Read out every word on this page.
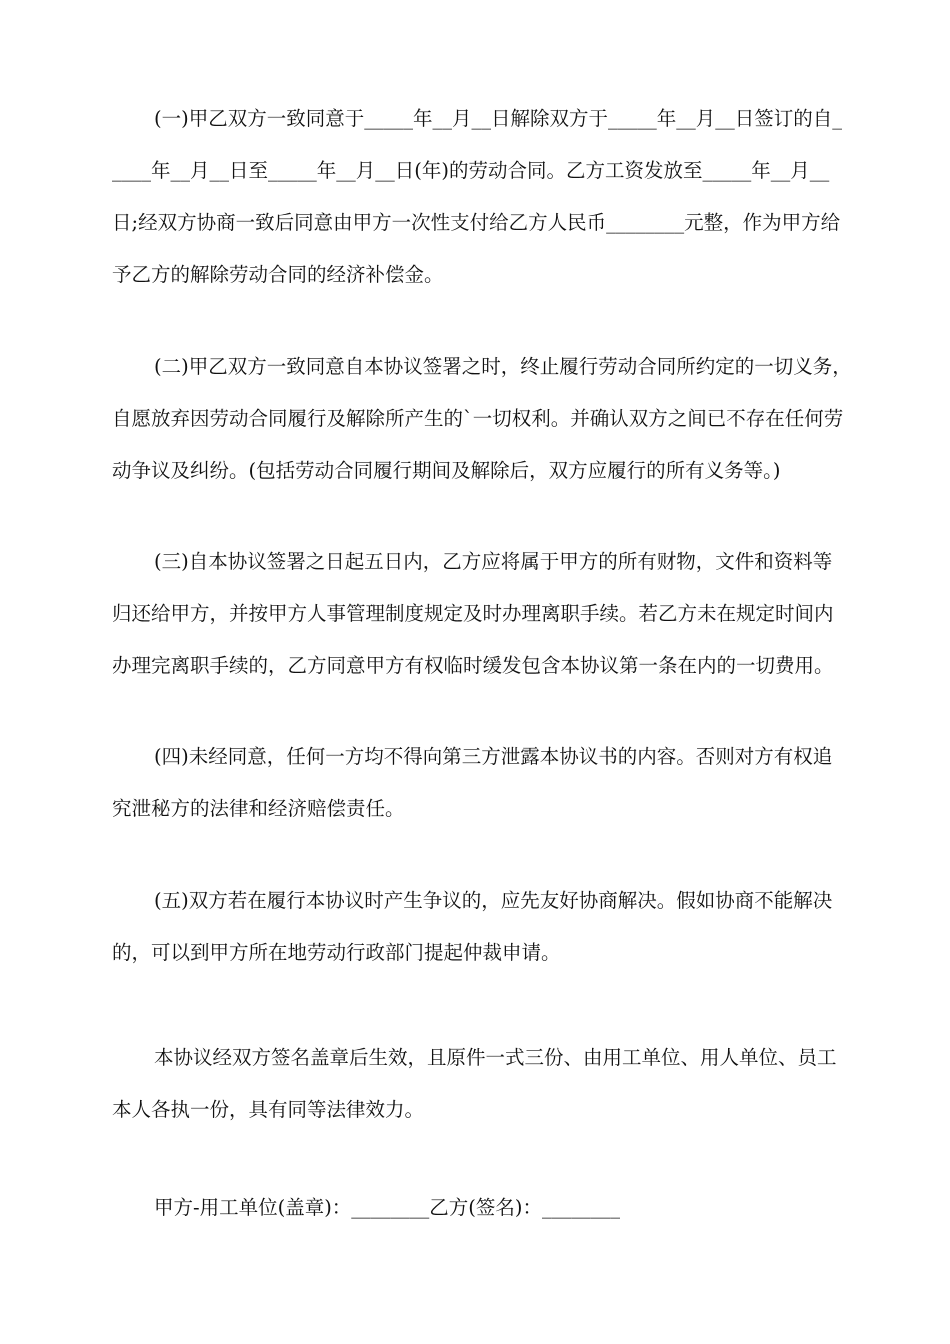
(一)甲乙双方一致同意于_____年__月__日解除双方于_____年__月__日签订的自_
____年__月__日至_____年__月__日(年)的劳动合同。乙方工资发放至_____年__月__
日;经双方协商一致后同意由甲方一次性支付给乙方人民币________元整，作为甲方给
予乙方的解除劳动合同的经济补偿金。
(二)甲乙双方一致同意自本协议签署之时，终止履行劳动合同所约定的一切义务，
自愿放弃因劳动合同履行及解除所产生的`一切权利。并确认双方之间已不存在任何劳
动争议及纠纷。(包括劳动合同履行期间及解除后，双方应履行的所有义务等。)
(三)自本协议签署之日起五日内，乙方应将属于甲方的所有财物，文件和资料等
归还给甲方，并按甲方人事管理制度规定及时办理离职手续。若乙方未在规定时间内
办理完离职手续的，乙方同意甲方有权临时缓发包含本协议第一条在内的一切费用。
(四)未经同意，任何一方均不得向第三方泄露本协议书的内容。否则对方有权追
究泄秘方的法律和经济赔偿责任。
(五)双方若在履行本协议时产生争议的，应先友好协商解决。假如协商不能解决
的，可以到甲方所在地劳动行政部门提起仲裁申请。
本协议经双方签名盖章后生效，且原件一式三份、由用工单位、用人单位、员工
本人各执一份，具有同等法律效力。
甲方-用工单位(盖章)：________乙方(签名)：________
